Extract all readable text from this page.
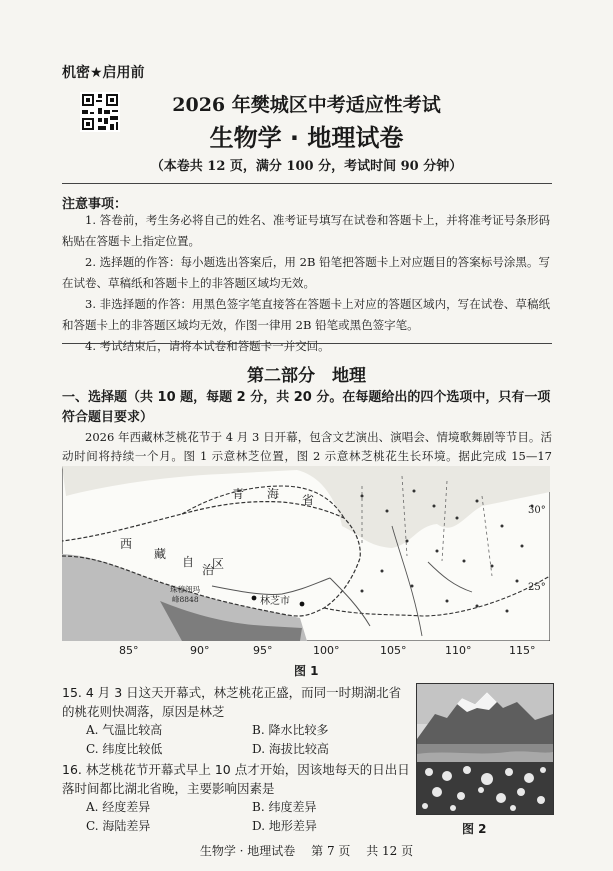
机密★启用前
2026 年樊城区中考适应性考试
生物学 · 地理试卷
（本卷共 12 页，满分 100 分，考试时间 90 分钟）
注意事项：

1. 答卷前，考生务必将自己的姓名、准考证号填写在试卷和答题卡上，并将准考证号条形码粘贴在答题卡上指定位置。

2. 选择题的作答：每小题选出答案后，用 2B 铅笔把答题卡上对应题目的答案标号涂黑。写在试卷、草稿纸和答题卡上的非答题区域均无效。

3. 非选择题的作答：用黑色签字笔直接答在答题卡上对应的答题区域内，写在试卷、草稿纸和答题卡上的非答题区域均无效，作图一律用 2B 铅笔或黑色签字笔。

4. 考试结束后，请将本试卷和答题卡一并交回。

第二部分　地理
一、选择题（共 10 题，每题 2 分，共 20 分。在每题给出的四个选项中，只有一项符合题目要求）
2026 年西藏林芝桃花节于 4 月 3 日开幕，包含文艺演出、演唱会、情境歌舞剧等节目。活动时间将持续一个月。图 1 示意林芝位置，图 2 示意林芝桃花生长环境。据此完成 15—17
青 海 省
西
藏
自
治
区
珠穆朗玛
峰8848	林芝市
30°
25°
85°	90°	95°	100°	105°	110°	115°
图 1
15. 4 月 3 日这天开幕式，林芝桃花正盛，而同一时期湖北省的桃花则快凋落，原因是林芝
A. 气温比较高	B. 降水比较多
C. 纬度比较低	D. 海拔比较高
16. 林芝桃花节开幕式早上 10 点才开始，因该地每天的日出日落时间都比湖北省晚，主要影响因素是
A. 经度差异	B. 纬度差异
C. 海陆差异	D. 地形差异	图 2
生物学 · 地理试卷 第 7 页 共 12 页
